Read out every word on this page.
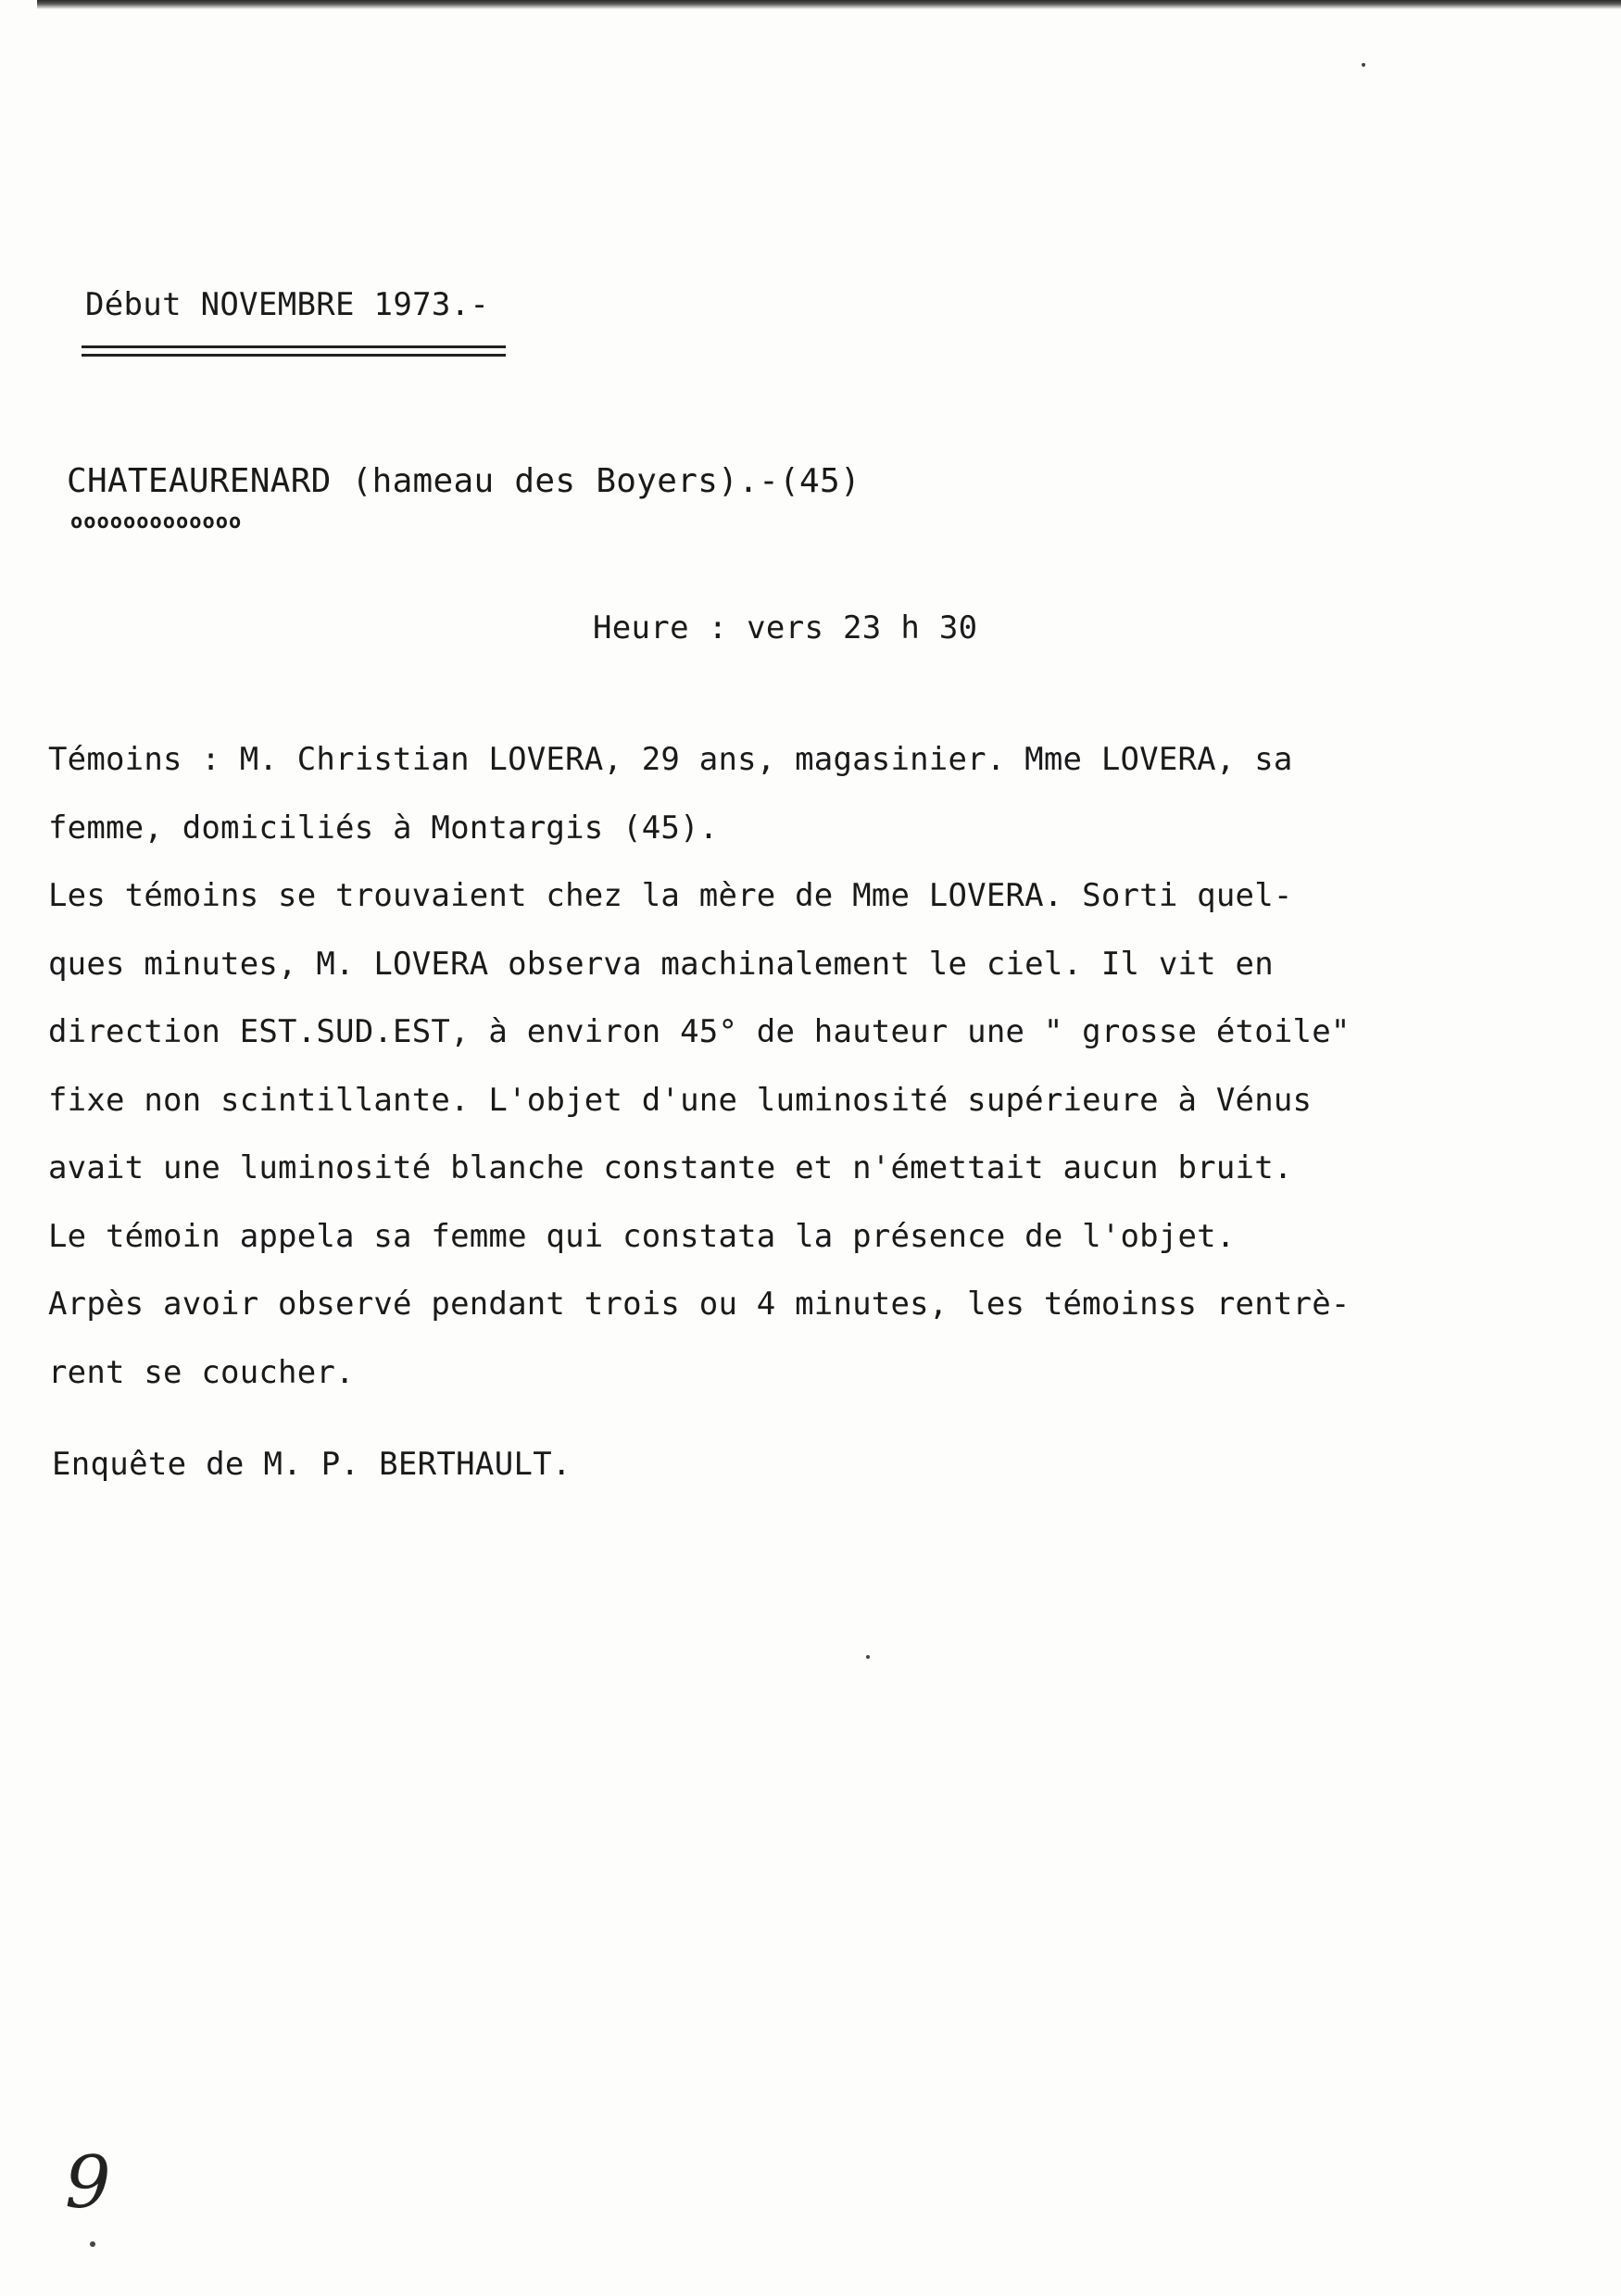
Début NOVEMBRE 1973.-
CHATEAURENARD (hameau des Boyers).-(45)
ooooooooooooo
Heure : vers 23 h 30
Témoins : M. Christian LOVERA, 29 ans, magasinier. Mme LOVERA, sa
femme, domiciliés à Montargis (45).
Les témoins se trouvaient chez la mère de Mme LOVERA. Sorti quel-
ques minutes, M. LOVERA observa machinalement le ciel. Il vit en
direction EST.SUD.EST, à environ 45° de hauteur une " grosse étoile"
fixe non scintillante. L'objet d'une luminosité supérieure à Vénus
avait une luminosité blanche constante et n'émettait aucun bruit.
Le témoin appela sa femme qui constata la présence de l'objet.
Arpès avoir observé pendant trois ou 4 minutes, les témoinss rentrè-
rent se coucher.
Enquête de M. P. BERTHAULT.
9
